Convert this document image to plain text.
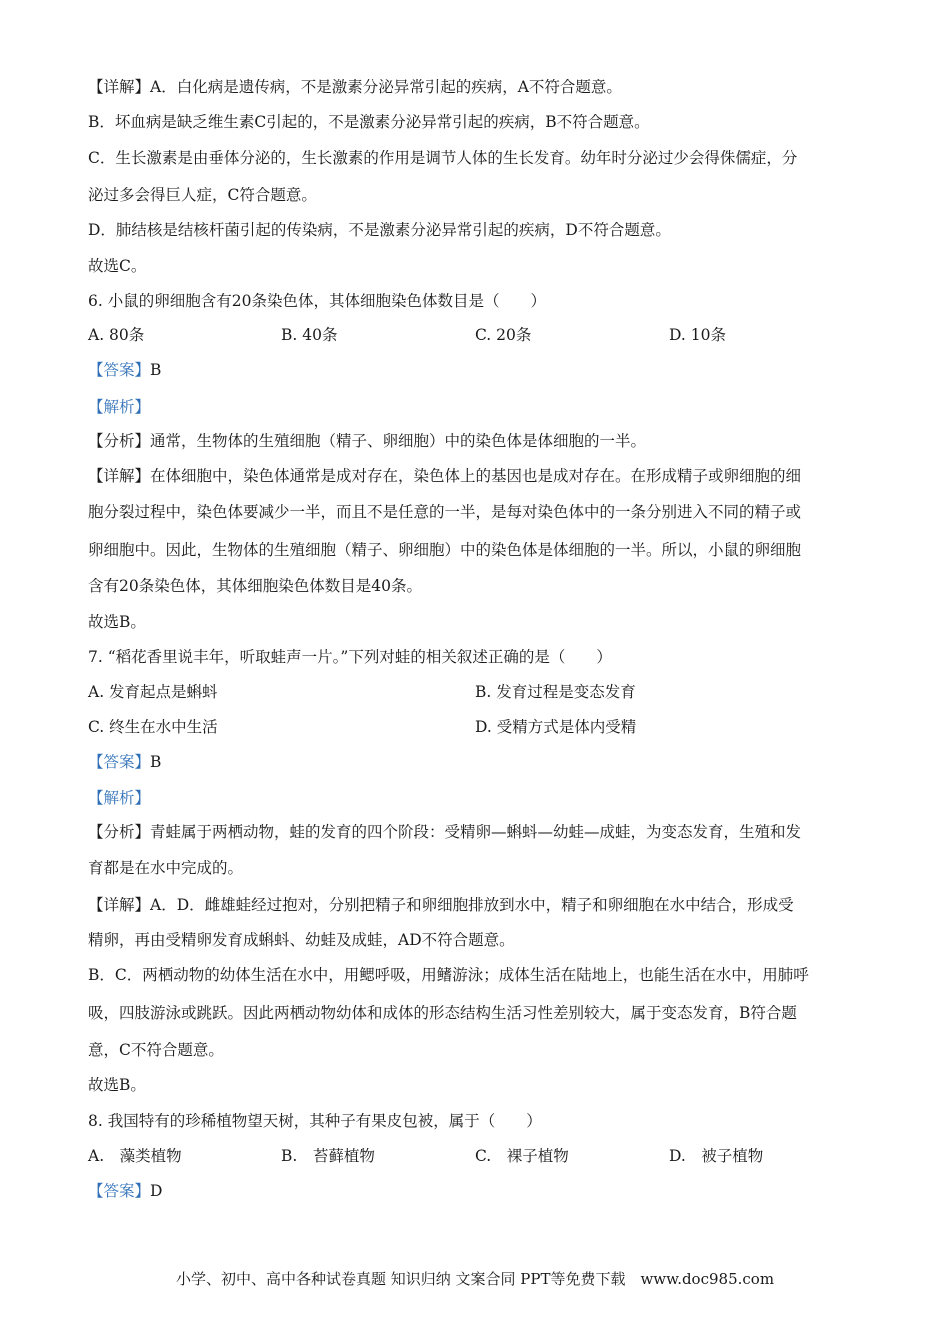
【详解】A．白化病是遗传病，不是激素分泌异常引起的疾病，A不符合题意。
B．坏血病是缺乏维生素C引起的，不是激素分泌异常引起的疾病，B不符合题意。
C．生长激素是由垂体分泌的，生长激素的作用是调节人体的生长发育。幼年时分泌过少会得侏儒症，分
泌过多会得巨人症，C符合题意。
D．肺结核是结核杆菌引起的传染病，不是激素分泌异常引起的疾病，D不符合题意。
故选C。
6. 小鼠的卵细胞含有20条染色体，其体细胞染色体数目是（　　）
A. 80条	B. 40条	C. 20条	D. 10条
【答案】B
【解析】
【分析】通常，生物体的生殖细胞（精子、卵细胞）中的染色体是体细胞的一半。
【详解】在体细胞中，染色体通常是成对存在，染色体上的基因也是成对存在。在形成精子或卵细胞的细
胞分裂过程中，染色体要减少一半，而且不是任意的一半，是每对染色体中的一条分别进入不同的精子或
卵细胞中。因此，生物体的生殖细胞（精子、卵细胞）中的染色体是体细胞的一半。所以，小鼠的卵细胞
含有20条染色体，其体细胞染色体数目是40条。
故选B。
7. “稻花香里说丰年，听取蛙声一片。”下列对蛙的相关叙述正确的是（　　）
A. 发育起点是蝌蚪	B. 发育过程是变态发育
C. 终生在水中生活	D. 受精方式是体内受精
【答案】B
【解析】
【分析】青蛙属于两栖动物，蛙的发育的四个阶段：受精卵—蝌蚪—幼蛙—成蛙，为变态发育，生殖和发
育都是在水中完成的。
【详解】A．D．雌雄蛙经过抱对，分别把精子和卵细胞排放到水中，精子和卵细胞在水中结合，形成受
精卵，再由受精卵发育成蝌蚪、幼蛙及成蛙，AD不符合题意。
B．C．两栖动物的幼体生活在水中，用鳃呼吸，用鳍游泳；成体生活在陆地上，也能生活在水中，用肺呼
吸，四肢游泳或跳跃。因此两栖动物幼体和成体的形态结构生活习性差别较大，属于变态发育，B符合题
意，C不符合题意。
故选B。
8. 我国特有的珍稀植物望天树，其种子有果皮包被，属于（　　）
A.　藻类植物	B.　苔藓植物	C.　裸子植物	D.　被子植物
【答案】D
小学、初中、高中各种试卷真题 知识归纳 文案合同 PPT等免费下载　www.doc985.com
